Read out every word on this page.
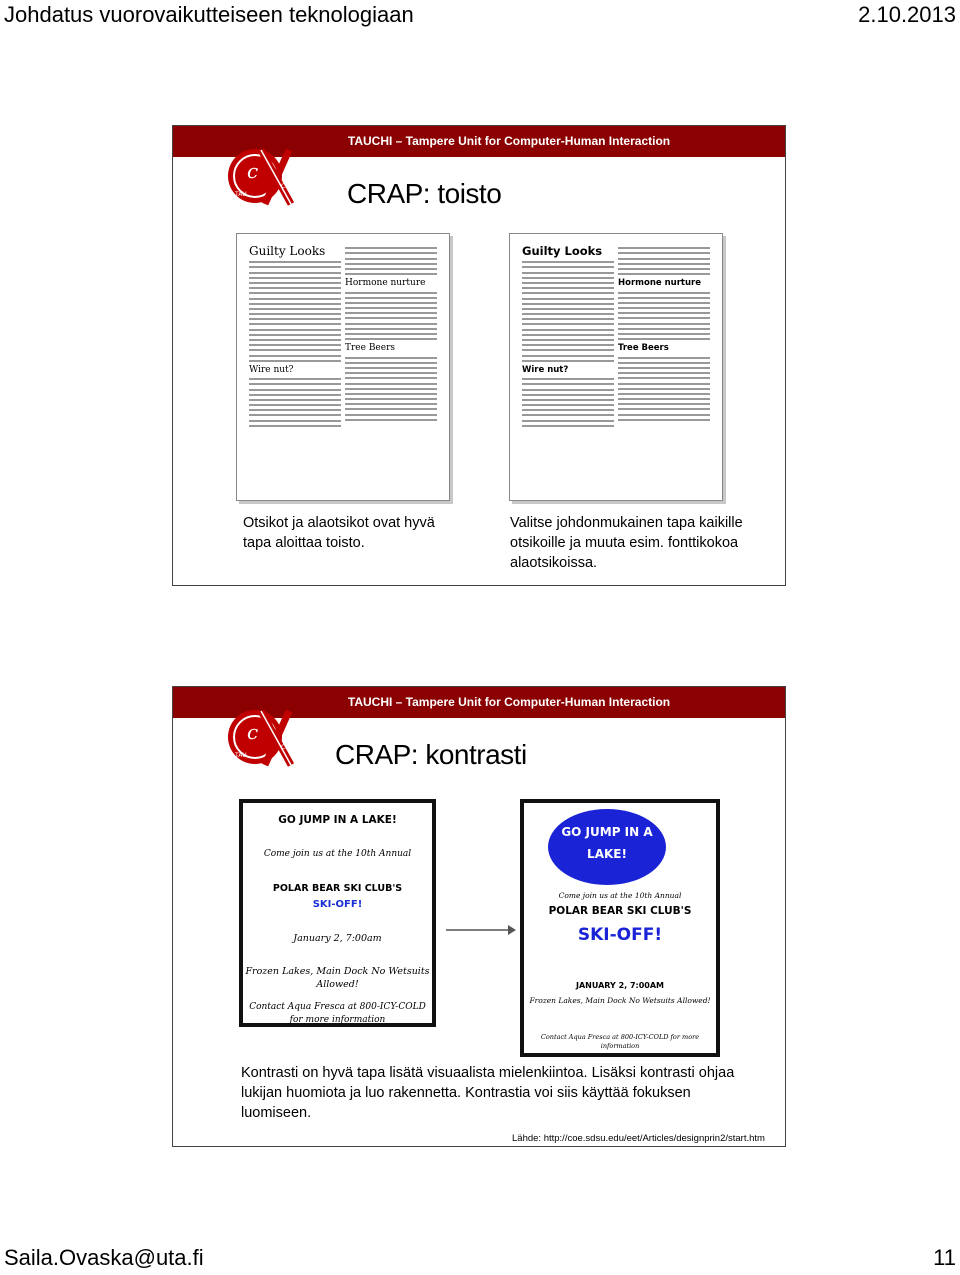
Johdatus vuorovaikutteiseen teknologiaan	2.10.2013
TAUCHI – Tampere Unit for Computer-Human Interaction
c
TAU
CH CRAP: toisto
Guilty Looks
Wire nut?
Hormone nurture
Tree Beers
Guilty Looks
Wire nut?
Hormone nurture
Tree Beers
Otsikot ja alaotsikot ovat hyvä tapa aloittaa toisto.
Valitse johdonmukainen tapa kaikille otsikoille ja muuta esim. fonttikokoa alaotsikoissa.
TAUCHI – Tampere Unit for Computer-Human Interaction
c
TAU
CH CRAP: kontrasti
GO JUMP IN A LAKE!
Come join us at the 10th Annual
POLAR BEAR SKI CLUB'S
SKI-OFF!
January 2, 7:00am
Frozen Lakes, Main Dock No Wetsuits Allowed!
Contact Aqua Fresca at 800-ICY-COLD for more information
GO JUMP IN A LAKE!
Come join us at the 10th Annual
POLAR BEAR SKI CLUB'S
SKI-OFF!
JANUARY 2, 7:00AM
Frozen Lakes, Main Dock No Wetsuits Allowed!
Contact Aqua Fresca at 800-ICY-COLD for more information
Kontrasti on hyvä tapa lisätä visuaalista mielenkiintoa. Lisäksi kontrasti ohjaa lukijan huomiota ja luo rakennetta. Kontrastia voi siis käyttää fokuksen luomiseen.
Lähde: http://coe.sdsu.edu/eet/Articles/designprin2/start.htm
Saila.Ovaska@uta.fi	11
